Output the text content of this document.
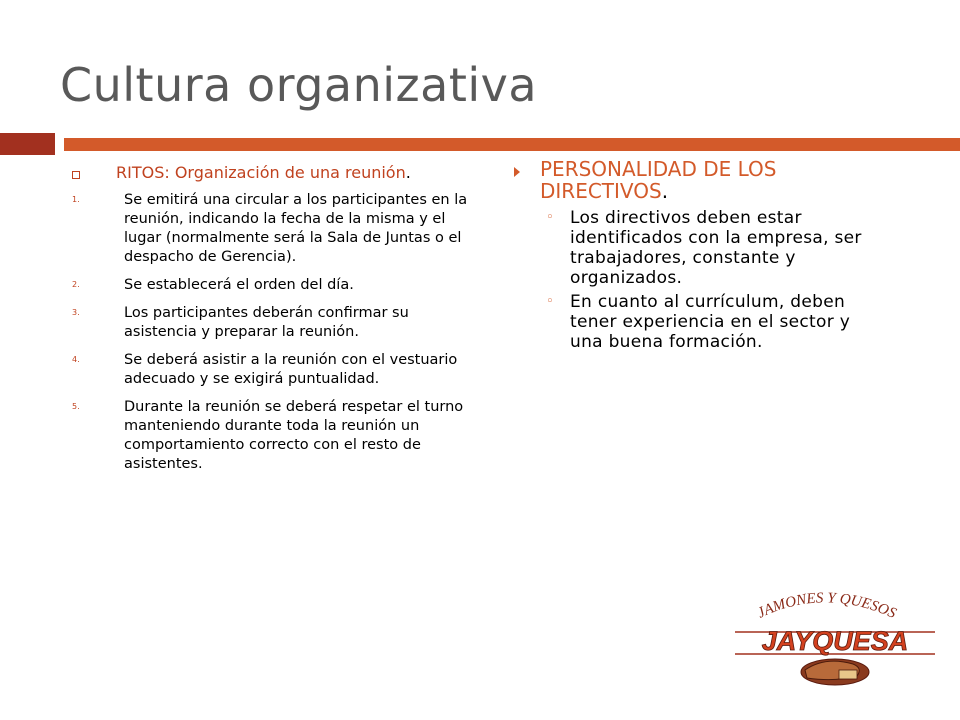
Cultura organizativa
RITOS: Organización de una reunión.
1.	Se emitirá una circular a los participantes en la reunión, indicando la fecha de la misma y el lugar (normalmente será la Sala de Juntas o el despacho de Gerencia).
2.	Se establecerá el orden del día.
3.	Los participantes deberán confirmar su asistencia y preparar la reunión.
4.	Se deberá asistir a la reunión con el vestuario adecuado y se exigirá puntualidad.
5.	Durante la reunión se deberá respetar el turno manteniendo durante toda la reunión un comportamiento correcto con el resto de asistentes.
PERSONALIDAD DE LOS DIRECTIVOS.
◦ Los directivos deben estar identificados con la empresa, ser trabajadores, constante y organizados.
◦ En cuanto al currículum, deben tener experiencia en el sector y una buena formación.
JAMONES Y QUESOS
JAYQUESA
